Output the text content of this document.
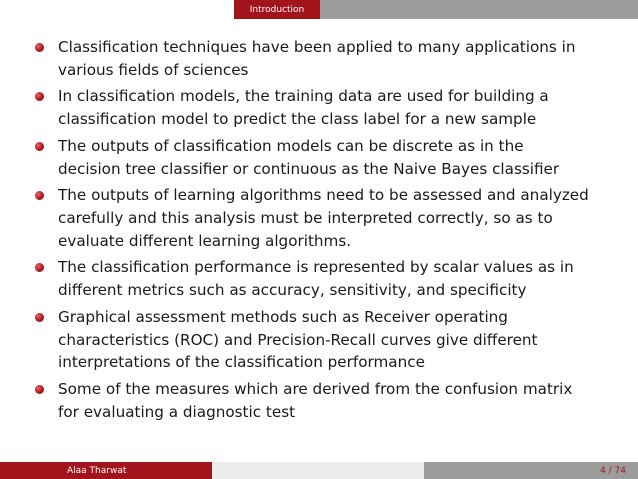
Introduction
Classification techniques have been applied to many applications in
various fields of sciences
In classification models, the training data are used for building a
classification model to predict the class label for a new sample
The outputs of classification models can be discrete as in the
decision tree classifier or continuous as the Naive Bayes classifier
The outputs of learning algorithms need to be assessed and analyzed
carefully and this analysis must be interpreted correctly, so as to
evaluate different learning algorithms.
The classification performance is represented by scalar values as in
different metrics such as accuracy, sensitivity, and specificity
Graphical assessment methods such as Receiver operating
characteristics (ROC) and Precision-Recall curves give different
interpretations of the classification performance
Some of the measures which are derived from the confusion matrix
for evaluating a diagnostic test
Alaa Tharwat	4 / 74
